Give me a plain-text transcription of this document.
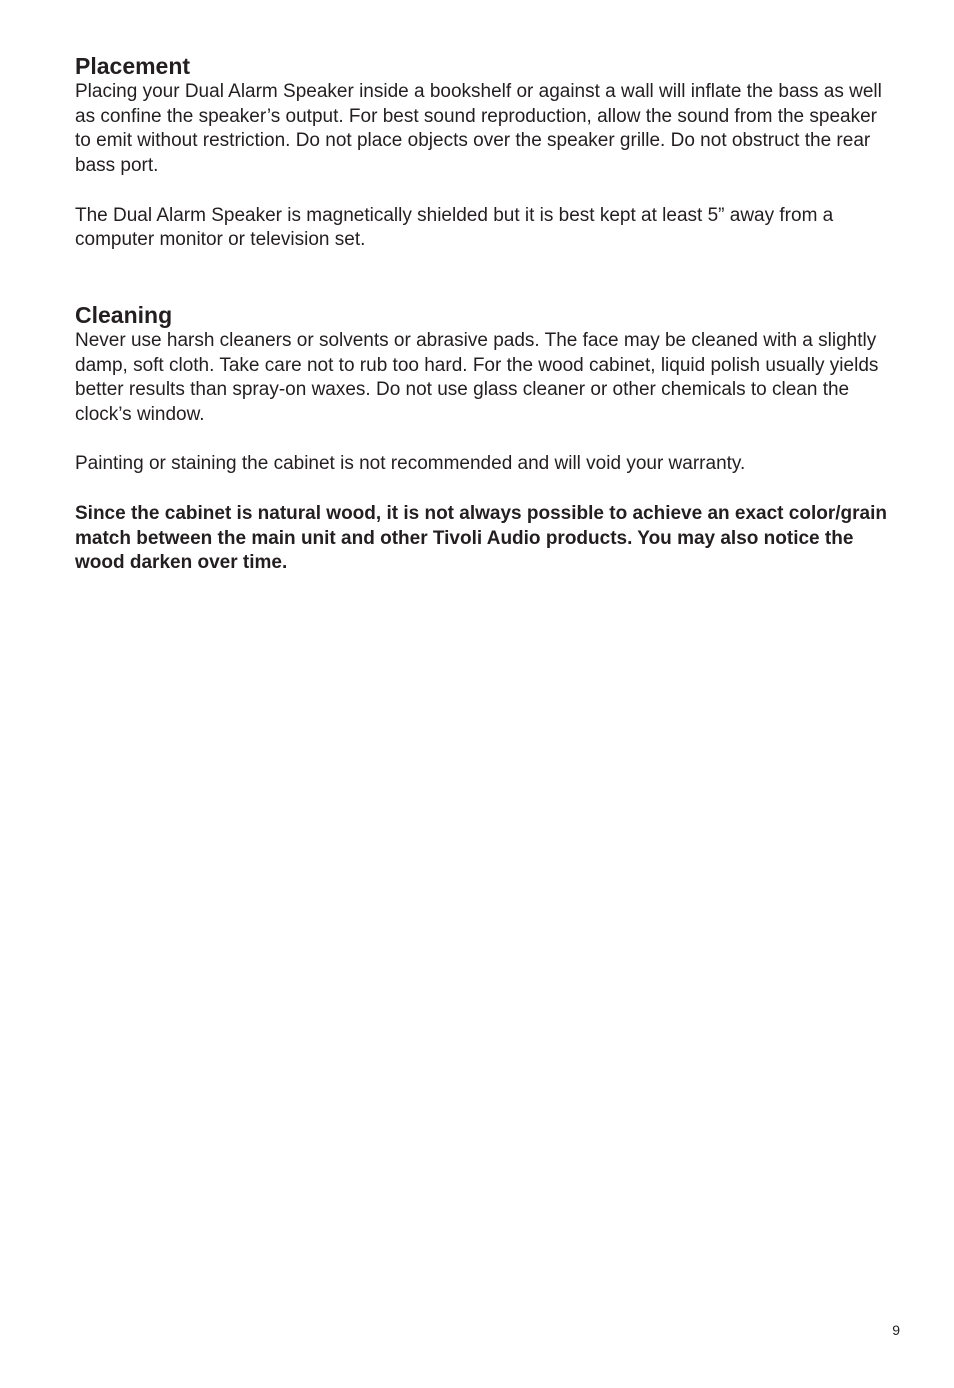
Placement

Placing your Dual Alarm Speaker inside a bookshelf or against a wall will inflate the bass as well as confine the speaker’s output. For best sound reproduction, allow the sound from the speaker to emit without restriction. Do not place objects over the speaker grille. Do not obstruct the rear bass port.

The Dual Alarm Speaker is magnetically shielded but it is best kept at least 5” away from a computer monitor or television set.

Cleaning

Never use harsh cleaners or solvents or abrasive pads. The face may be cleaned with a slightly damp, soft cloth. Take care not to rub too hard. For the wood cabinet, liquid polish usually yields better results than spray-on waxes. Do not use glass cleaner or other chemicals to clean the clock’s window.

Painting or staining the cabinet is not recommended and will void your warranty.

Since the cabinet is natural wood, it is not always possible to achieve an exact color/grain match between the main unit and other Tivoli Audio products. You may also notice the wood darken over time.

9
